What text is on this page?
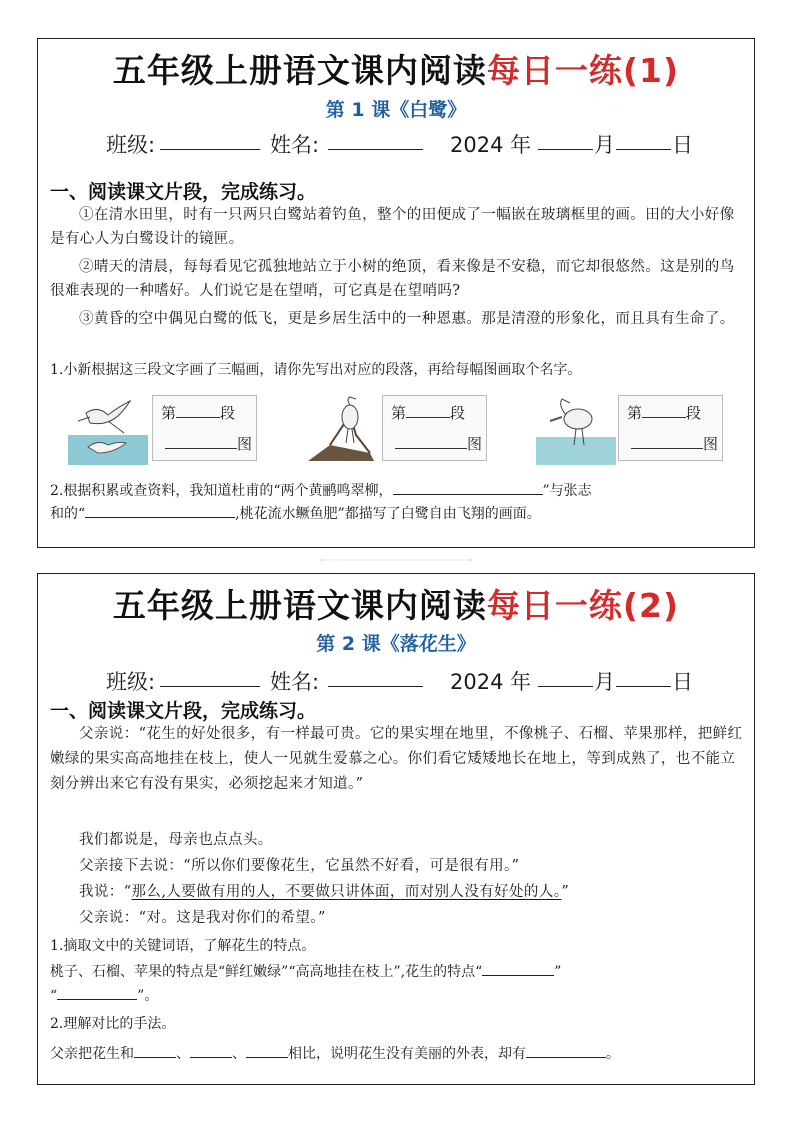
五年级上册语文课内阅读每日一练(1)
第 1 课《白鹭》
班级:	姓名:	2024 年	月	日
一、阅读课文片段，完成练习。
①在清水田里，时有一只两只白鹭站着钓鱼，整个的田便成了一幅嵌在玻璃框里的画。田的大小好像是有心人为白鹭设计的镜匣。
②晴天的清晨，每每看见它孤独地站立于小树的绝顶，看来像是不安稳，而它却很悠然。这是别的鸟很难表现的一种嗜好。人们说它是在望哨，可它真是在望哨吗?
③黄昏的空中偶见白鹭的低飞，更是乡居生活中的一种恩惠。那是清澄的形象化，而且具有生命了。
1.小新根据这三段文字画了三幅画，请你先写出对应的段落，再给每幅图画取个名字。
第	段
图
第	段
图
第	段
图
2.根据积累或查资料，我知道杜甫的“两个黄鹂鸣翠柳，	”与张志
和的“	,桃花流水鳜鱼肥”都描写了白鹭自由飞翔的画面。
五年级上册语文课内阅读每日一练(2)
第 2 课《落花生》
班级:	姓名:	2024 年	月	日
一、阅读课文片段，完成练习。
父亲说：“花生的好处很多，有一样最可贵。它的果实埋在地里，不像桃子、石榴、苹果那样，把鲜红嫩绿的果实高高地挂在枝上，使人一见就生爱慕之心。你们看它矮矮地长在地上，等到成熟了，也不能立刻分辨出来它有没有果实，必须挖起来才知道。”
我们都说是，母亲也点点头。
父亲接下去说：“所以你们要像花生，它虽然不好看，可是很有用。”
我说：“那么,人要做有用的人，不要做只讲体面，而对别人没有好处的人。”
父亲说：“对。这是我对你们的希望。”
1.摘取文中的关键词语，了解花生的特点。
桃子、石榴、苹果的特点是“鲜红嫩绿”“高高地挂在枝上”,花生的特点“	”
“	”。
2.理解对比的手法。
父亲把花生和	、	、	相比，说明花生没有美丽的外表，却有	。
